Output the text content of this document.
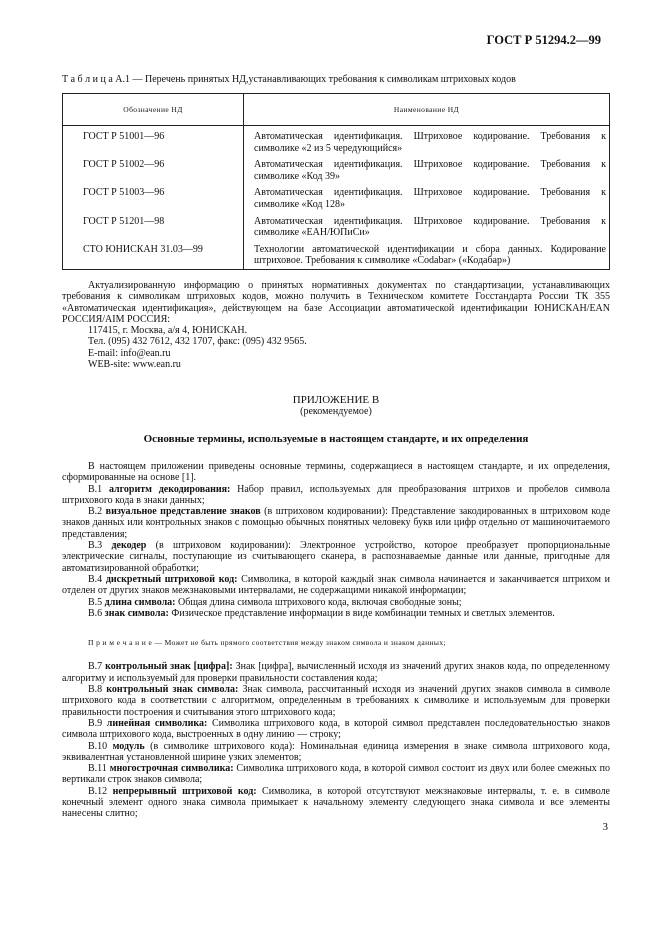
ГОСТ Р 51294.2—99
Т а б л и ц а А.1 — Перечень принятых НД,устанавливающих требования к символикам штриховых кодов
Обозначение НД	Наименование НД
ГОСТ Р 51001—96	Автоматическая идентификация. Штриховое кодирование. Требования к символике «2 из 5 чередующийся»
ГОСТ Р 51002—96	Автоматическая идентификация. Штриховое кодирование. Требования к символике «Код 39»
ГОСТ Р 51003—96	Автоматическая идентификация. Штриховое кодирование. Требования к символике «Код 128»
ГОСТ Р 51201—98	Автоматическая идентификация. Штриховое кодирование. Требования к символике «ЕАН/ЮПиСи»
СТО ЮНИСКАН 31.03—99	Технологии автоматической идентификации и сбора данных. Кодирование штриховое. Требования к символике «Codabar» («Кодабар»)

Актуализированную информацию о принятых нормативных документах по стандартизации, устанавливающих требования к символикам штриховых кодов, можно получить в Техническом комитете Госстандарта России ТК 355 «Автоматическая идентификация», действующем на базе Ассоциации автоматической идентификации ЮНИСКАН/EAN РОССИЯ/AIM РОССИЯ:

117415, г. Москва, а/я 4, ЮНИСКАН.

Тел. (095) 432 7612, 432 1707, факс: (095) 432 9565.

E-mail: info@ean.ru

WEB-site: www.ean.ru

ПРИЛОЖЕНИЕ В
(рекомендуемое)
Основные термины, используемые в настоящем стандарте, и их определения

В настоящем приложении приведены основные термины, содержащиеся в настоящем стандарте, и их определения, сформированные на основе [1].

В.1 алгоритм декодирования: Набор правил, используемых для преобразования штрихов и пробелов символа штрихового кода в знаки данных;

В.2 визуальное представление знаков (в штриховом кодировании): Представление закодированных в штриховом коде знаков данных или контрольных знаков с помощью обычных понятных человеку букв или цифр отдельно от машиночитаемого представления;

В.3 декодер (в штриховом кодировании): Электронное устройство, которое преобразует пропорциональные электрические сигналы, поступающие из считывающего сканера, в распознаваемые данные или данные, пригодные для автоматизированной обработки;

В.4 дискретный штриховой код: Символика, в которой каждый знак символа начинается и заканчивается штрихом и отделен от других знаков межзнаковыми интервалами, не содержащими никакой информации;

В.5 длина символа: Общая длина символа штрихового кода, включая свободные зоны;

В.6 знак символа: Физическое представление информации в виде комбинации темных и светлых элементов.

П р и м е ч а н и е — Может не быть прямого соответствия между знаком символа и знаком данных;

В.7 контрольный знак [цифра]: Знак [цифра], вычисленный исходя из значений других знаков кода, по определенному алгоритму и используемый для проверки правильности составления кода;

В.8 контрольный знак символа: Знак символа, рассчитанный исходя из значений других знаков символа в символе штрихового кода в соответствии с алгоритмом, определенным в требованиях к символике и используемым для проверки правильности построения и считывания этого штрихового кода;

В.9 линейная символика: Символика штрихового кода, в которой символ представлен последовательностью знаков символа штрихового кода, выстроенных в одну линию — строку;

В.10 модуль (в символике штрихового кода): Номинальная единица измерения в знаке символа штрихового кода, эквивалентная установленной ширине узких элементов;

В.11 многострочная символика: Символика штрихового кода, в которой символ состоит из двух или более смежных по вертикали строк знаков символа;

В.12 непрерывный штриховой код: Символика, в которой отсутствуют межзнаковые интервалы, т. е. в символе конечный элемент одного знака символа примыкает к начальному элементу следующего знака символа и все элементы нанесены слитно;

3
